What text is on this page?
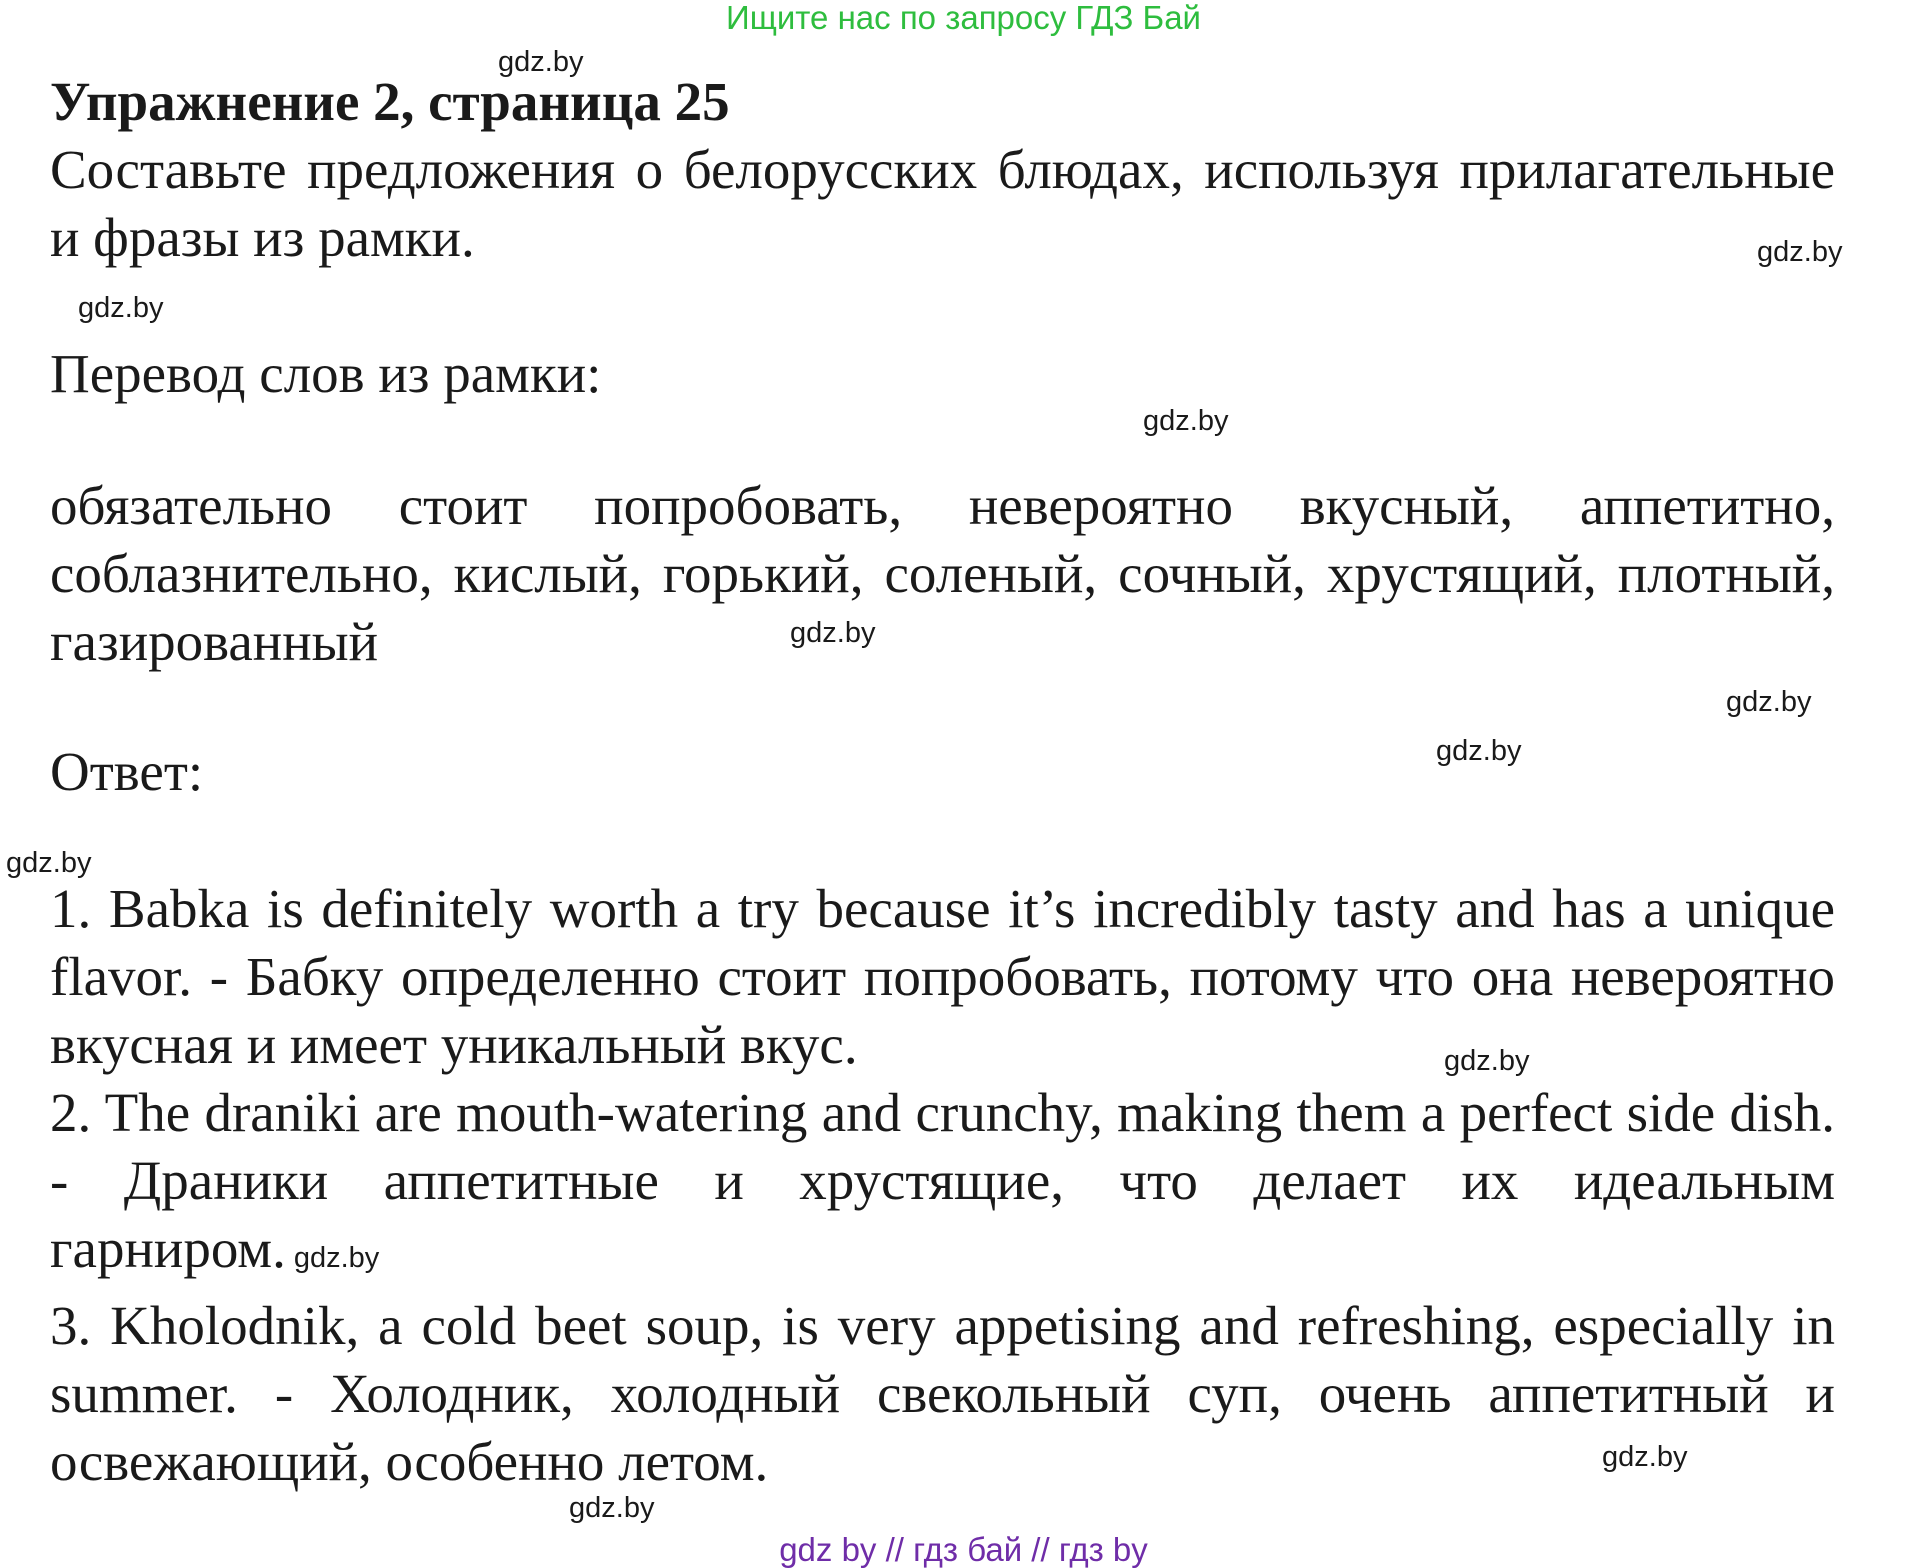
Ищите нас по запросу ГДЗ Бай
gdz.by
Упражнение 2, страница 25

Составьте предложения о белорусских блюдах, используя прилагательные и фразы из рамки.	gdz.by
gdz.by

Перевод слов из рамки:

gdz.by

обязательно стоит попробовать, невероятно вкусный, аппетитно, соблазнительно, кислый, горький, соленый, сочный, хрустящий, плотный, газированный	gdz.by
gdz.by
gdz.by

Ответ:

gdz.by

1. Babka is definitely worth a try because it’s incredibly tasty and has a unique flavor. - Бабку определенно стоит попробовать, потому что она невероятно вкусная и имеет уникальный вкус.

2. The draniki are mouth-watering and crunchy, making them a perfect side dish. - Драники аппетитные и хрустящие, что делает их идеальным гарниром. gdz.by

3. Kholodnik, a cold beet soup, is very appetising and refreshing, especially in summer. - Холодник, холодный свекольный суп, очень аппетитный и освежающий, особенно летом.

gdz.by
gdz.by
gdz.by
gdz by // гдз бай // гдз by
